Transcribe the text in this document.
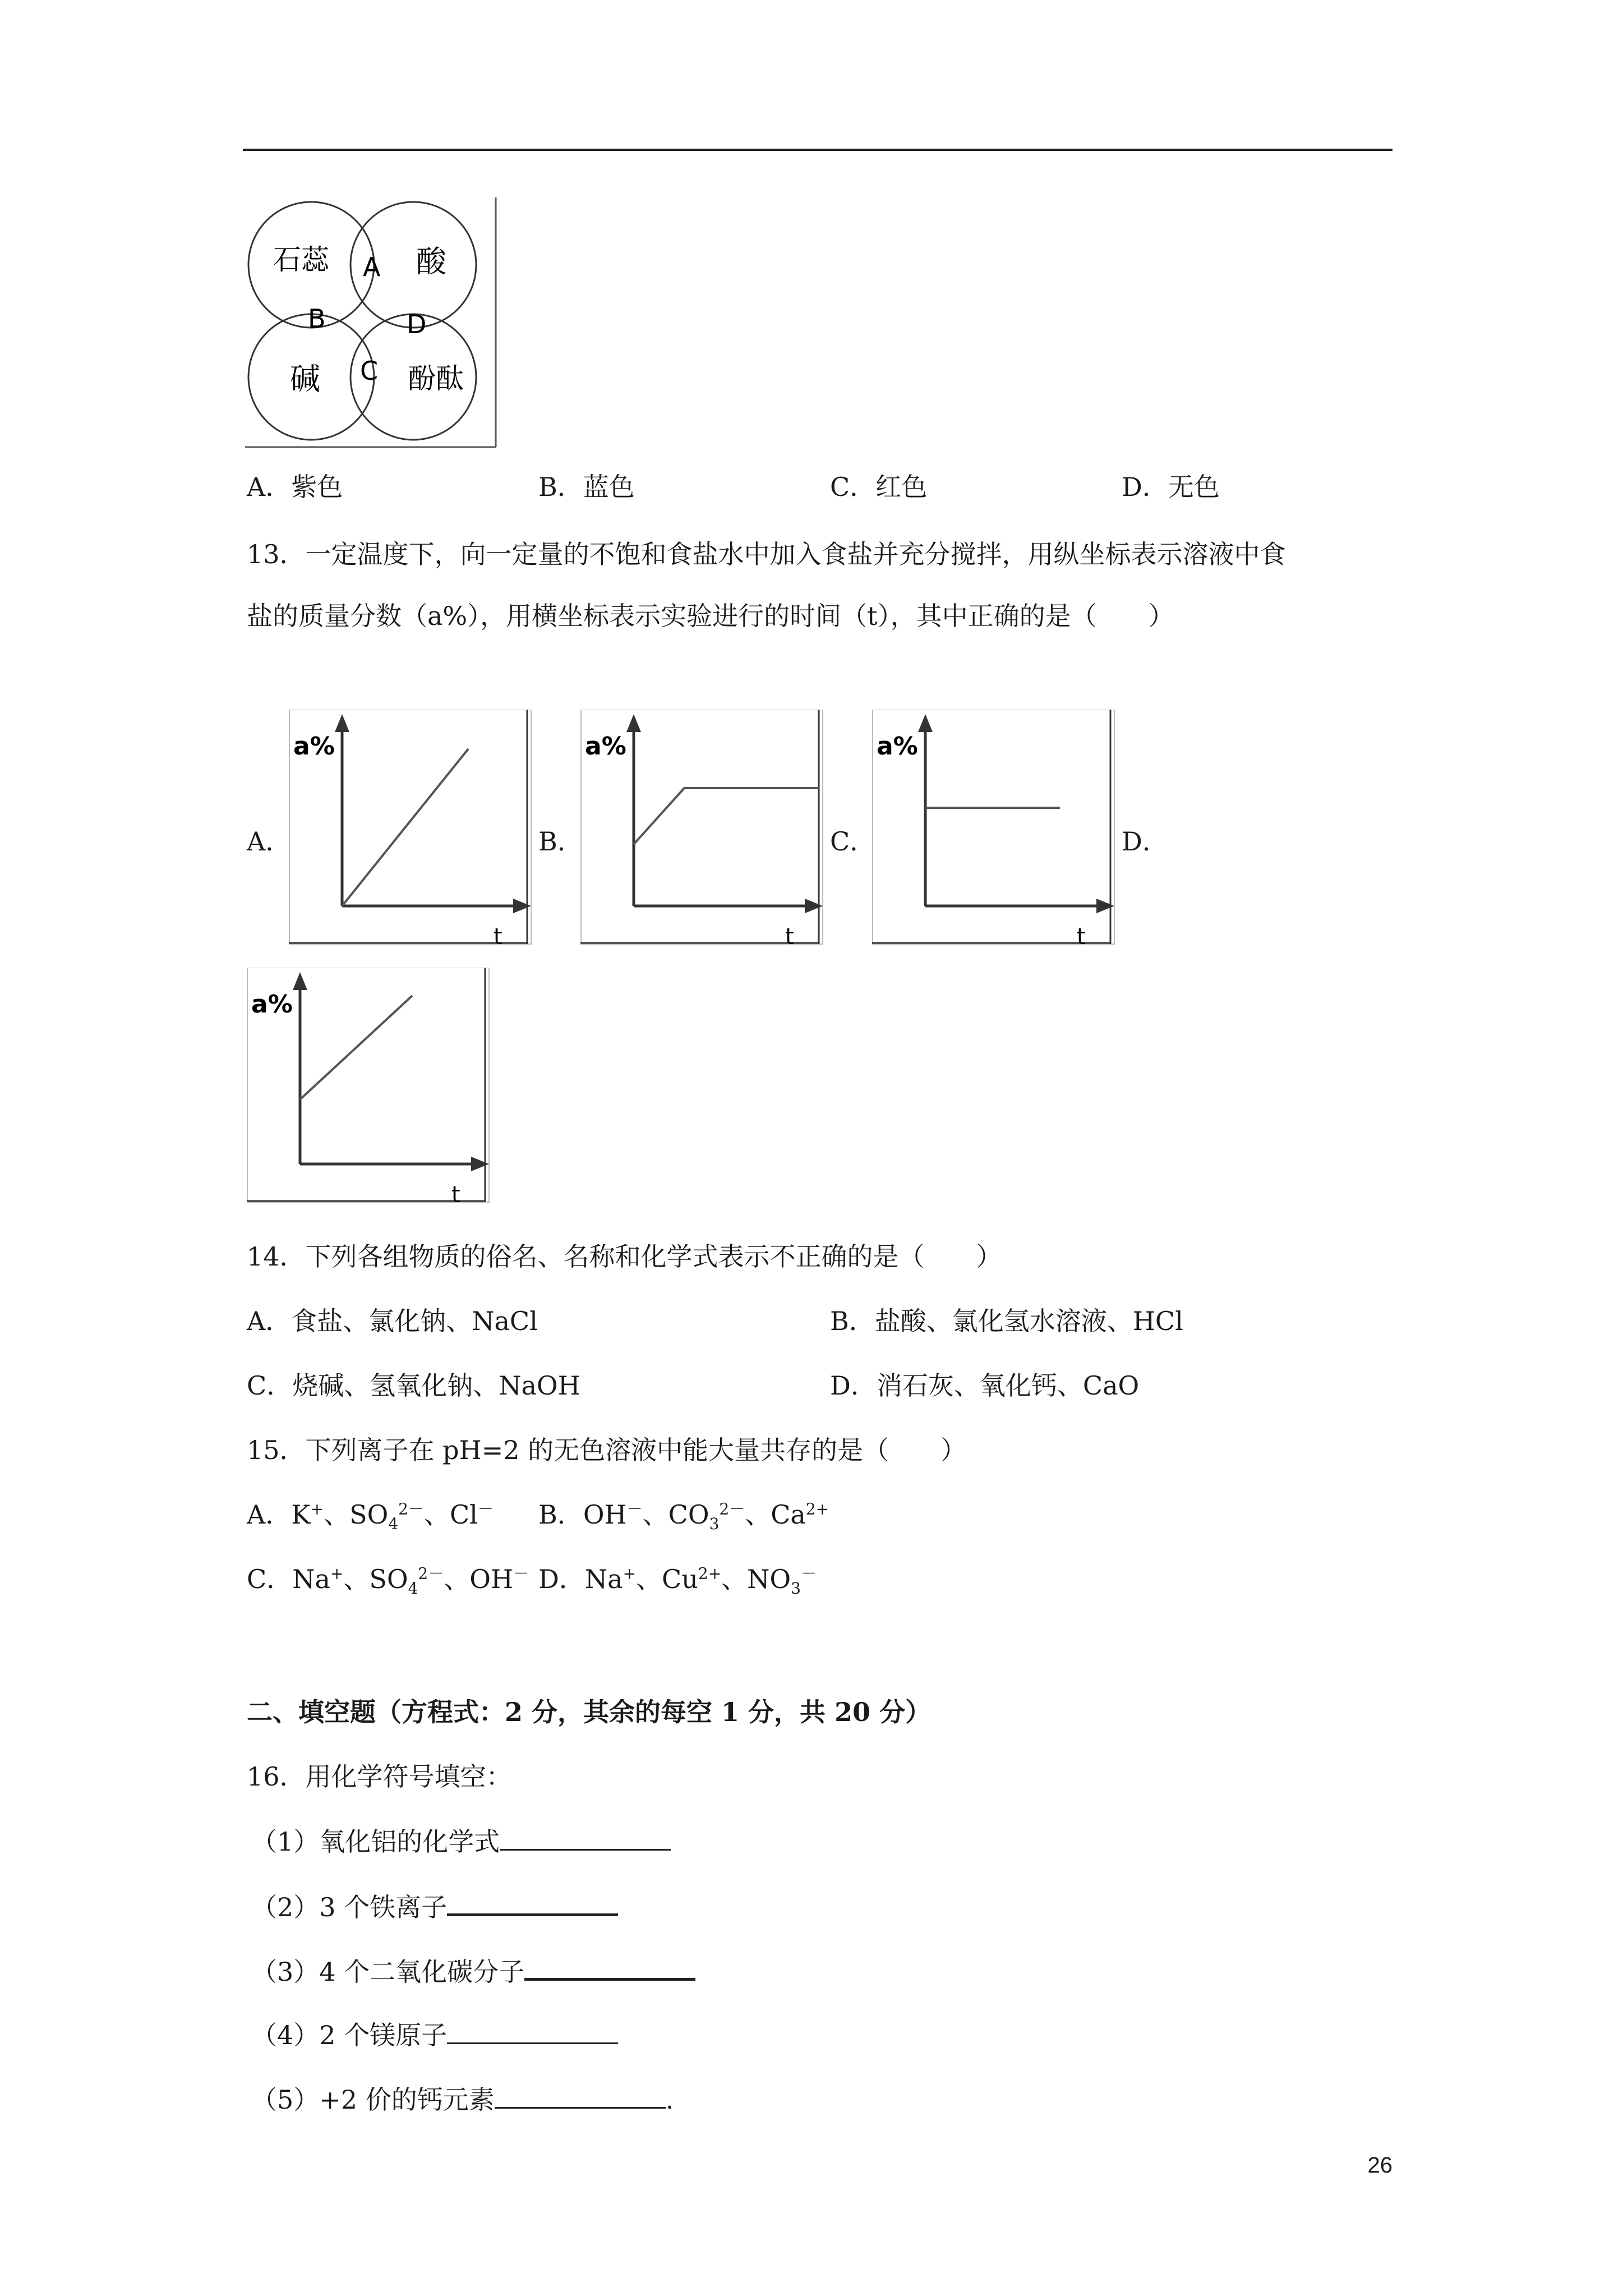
石蕊	酸
碱	酚酞
A
B
C
D
A．紫色	B．蓝色	C．红色	D．无色
13．一定温度下，向一定量的不饱和食盐水中加入食盐并充分搅拌，用纵坐标表示溶液中食
盐的质量分数（a%），用横坐标表示实验进行的时间（t），其中正确的是（　　）
A．	B．	C．	D．
a%
t
a%
t
a%
t
a%
t
14．下列各组物质的俗名、名称和化学式表示不正确的是（　　）
A．食盐、氯化钠、NaCl	B．盐酸、氯化氢水溶液、HCl
C．烧碱、氢氧化钠、NaOH	D．消石灰、氧化钙、CaO
15．下列离子在 pH=2 的无色溶液中能大量共存的是（　　）
A．K+、$SO_4^{2-}$、Cl－ B．OH－、$CO_3^{2-}$、$Ca^{2+}$
C．Na+、$SO_4^{2-}$、OH－ D．Na+、$Cu^{2+}$、$NO_3^-$
二、填空题（方程式：2 分，其余的每空 1 分，共 20 分）
16．用化学符号填空：
（1）氧化铝的化学式
（2）3 个铁离子
（3）4 个二氧化碳分子
（4）2 个镁原子
（5）+2 价的钙元素	.
26
